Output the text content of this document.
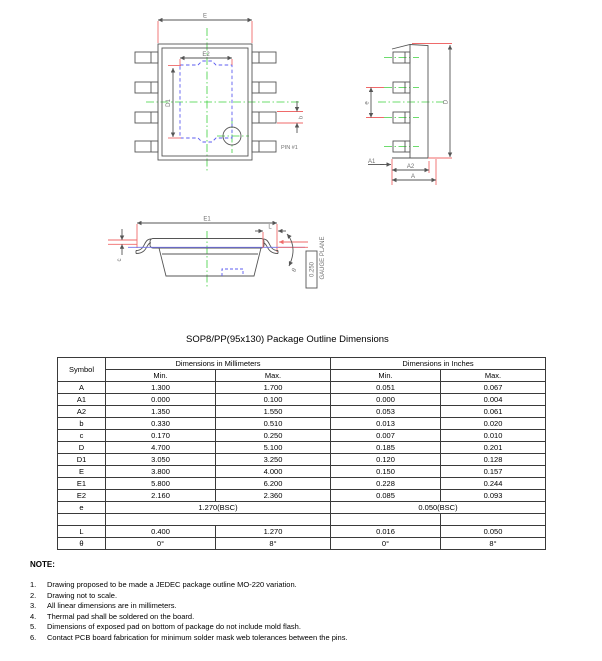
E
E2
D1
b
PIN #1
e	D
A1
A2
A
E1
L
c
θ 0.250 GAUGE PLANE
SOP8/PP(95x130) Package Outline Dimensions
Symbol	Dimensions in Millimeters		Dimensions in Inches	
	Min.	Max.	Min.	Max.
A	1.300	1.700	0.051	0.067
A1	0.000	0.100	0.000	0.004
A2	1.350	1.550	0.053	0.061
b	0.330	0.510	0.013	0.020
c	0.170	0.250	0.007	0.010
D	4.700	5.100	0.185	0.201
D1	3.050	3.250	0.120	0.128
E	3.800	4.000	0.150	0.157
E1	5.800	6.200	0.228	0.244
E2	2.160	2.360	0.085	0.093
e	1.270(BSC)		0.050(BSC)	

L	0.400	1.270	0.016	0.050
θ	0°	8°	0°	8°
NOTE:
1.	Drawing proposed to be made a JEDEC package outline MO-220 variation.
2.	Drawing not to scale.
3.	All linear dimensions are in millimeters.
4.	Thermal pad shall be soldered on the board.
5.	Dimensions of exposed pad on bottom of package do not include mold flash.
6.	Contact PCB board fabrication for minimum solder mask web tolerances between the pins.
